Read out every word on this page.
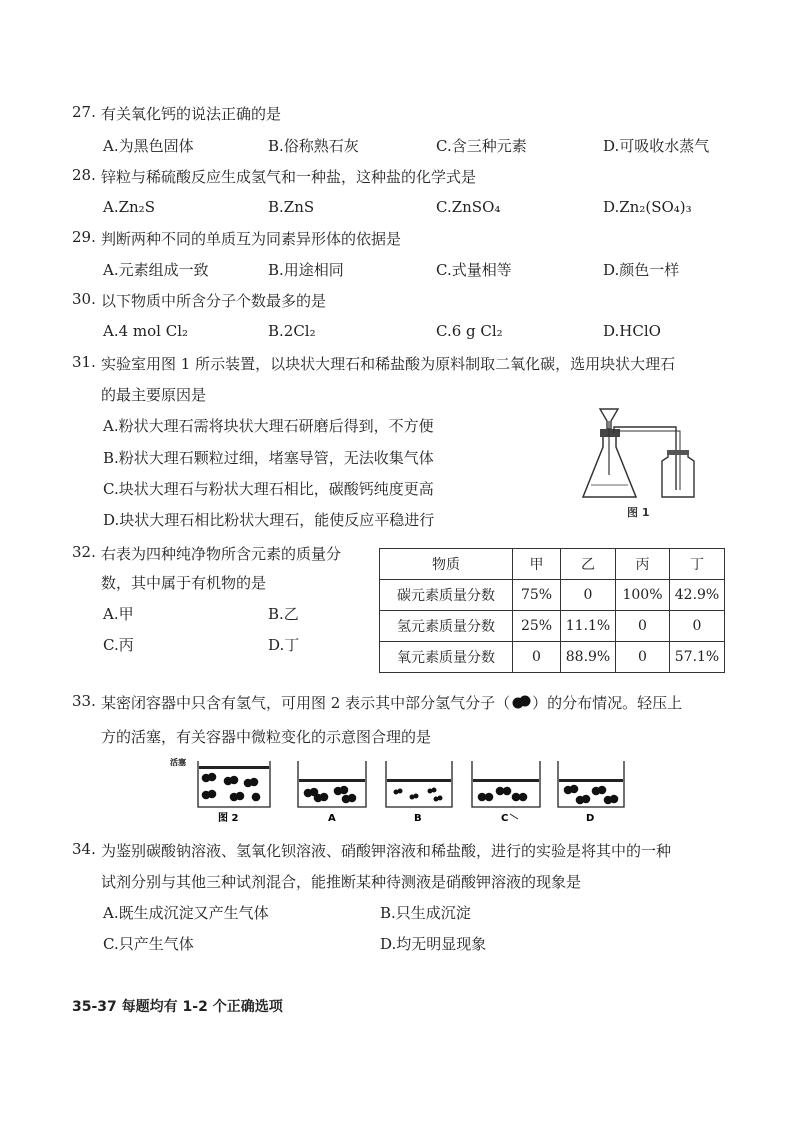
27. 有关氧化钙的说法正确的是
A.为黑色固体	B.俗称熟石灰	C.含三种元素	D.可吸收水蒸气
28. 锌粒与稀硫酸反应生成氢气和一种盐，这种盐的化学式是
A.Zn₂S	B.ZnS	C.ZnSO₄	D.Zn₂(SO₄)₃
29. 判断两种不同的单质互为同素异形体的依据是
A.元素组成一致	B.用途相同	C.式量相等	D.颜色一样
30. 以下物质中所含分子个数最多的是
A.4 mol Cl₂	B.2Cl₂	C.6 g Cl₂	D.HClO
31. 实验室用图 1 所示装置，以块状大理石和稀盐酸为原料制取二氧化碳，选用块状大理石
的最主要原因是
A.粉状大理石需将块状大理石研磨后得到，不方便
B.粉状大理石颗粒过细，堵塞导管，无法收集气体
C.块状大理石与粉状大理石相比，碳酸钙纯度更高
D.块状大理石相比粉状大理石，能使反应平稳进行	图 1
32. 右表为四种纯净物所含元素的质量分
数，其中属于有机物的是
A.甲	B.乙
C.丙	D.丁
物质	甲	乙	丙	丁
碳元素质量分数	75%	0	100%	42.9%
氢元素质量分数	25%	11.1%	0	0
氧元素质量分数	0	88.9%	0	57.1%
33. 某密闭容器中只含有氢气，可用图 2 表示其中部分氢气分子（ ）的分布情况。轻压上
方的活塞，有关容器中微粒变化的示意图合理的是
活塞
图 2	A	B	C	D
34. 为鉴别碳酸钠溶液、氢氧化钡溶液、硝酸钾溶液和稀盐酸，进行的实验是将其中的一种
试剂分别与其他三种试剂混合，能推断某种待测液是硝酸钾溶液的现象是
A.既生成沉淀又产生气体	B.只生成沉淀
C.只产生气体	D.均无明显现象
35-37 每题均有 1-2 个正确选项
